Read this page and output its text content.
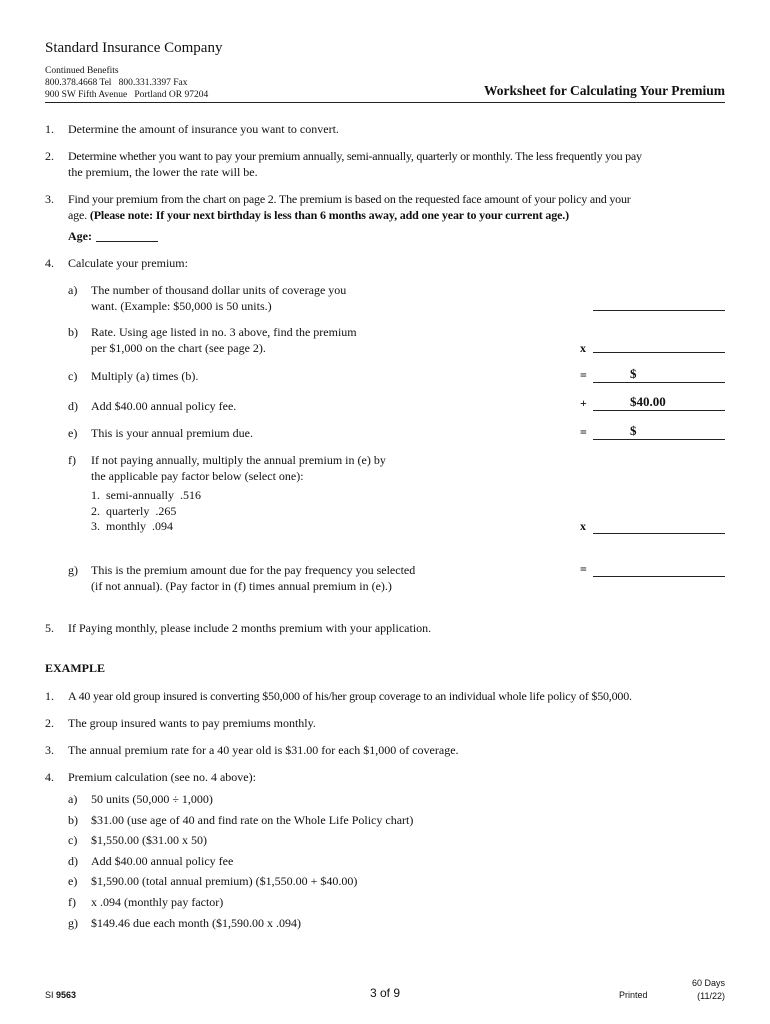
Standard Insurance Company
Continued Benefits
800.378.4668 Tel   800.331.3397 Fax
900 SW Fifth Avenue   Portland OR 97204	Worksheet for Calculating Your Premium
1. Determine the amount of insurance you want to convert.
2. Determine whether you want to pay your premium annually, semi-annually, quarterly or monthly. The less frequently you pay
the premium, the lower the rate will be.
3. Find your premium from the chart on page 2. The premium is based on the requested face amount of your policy and your
age. (Please note: If your next birthday is less than 6 months away, add one year to your current age.)
Age:
4. Calculate your premium:
a) The number of thousand dollar units of coverage you
want. (Example: $50,000 is 50 units.)
b) Rate. Using age listed in no. 3 above, find the premium
per $1,000 on the chart (see page 2).	x
c) Multiply (a) times (b).	=	$
d) Add $40.00 annual policy fee.	+	$40.00
e) This is your annual premium due.	=	$
f) If not paying annually, multiply the annual premium in (e) by
the applicable pay factor below (select one):
1.  semi-annually  .516
2.  quarterly  .265
3.  monthly  .094	x
g) This is the premium amount due for the pay frequency you selected
(if not annual). (Pay factor in (f) times annual premium in (e).)
=
5. If Paying monthly, please include 2 months premium with your application.
EXAMPLE
1. A 40 year old group insured is converting $50,000 of his/her group coverage to an individual whole life policy of $50,000.
2. The group insured wants to pay premiums monthly.
3. The annual premium rate for a 40 year old is $31.00 for each $1,000 of coverage.
4. Premium calculation (see no. 4 above):
a) 50 units (50,000 ÷ 1,000)
b) $31.00 (use age of 40 and find rate on the Whole Life Policy chart)
c) $1,550.00 ($31.00 x 50)
d) Add $40.00 annual policy fee
e) $1,590.00 (total annual premium) ($1,550.00 + $40.00)
f) x .094 (monthly pay factor)
g) $149.46 due each month ($1,590.00 x .094)
SI 9563	3 of 9	Printed
60 Days
(11/22)
